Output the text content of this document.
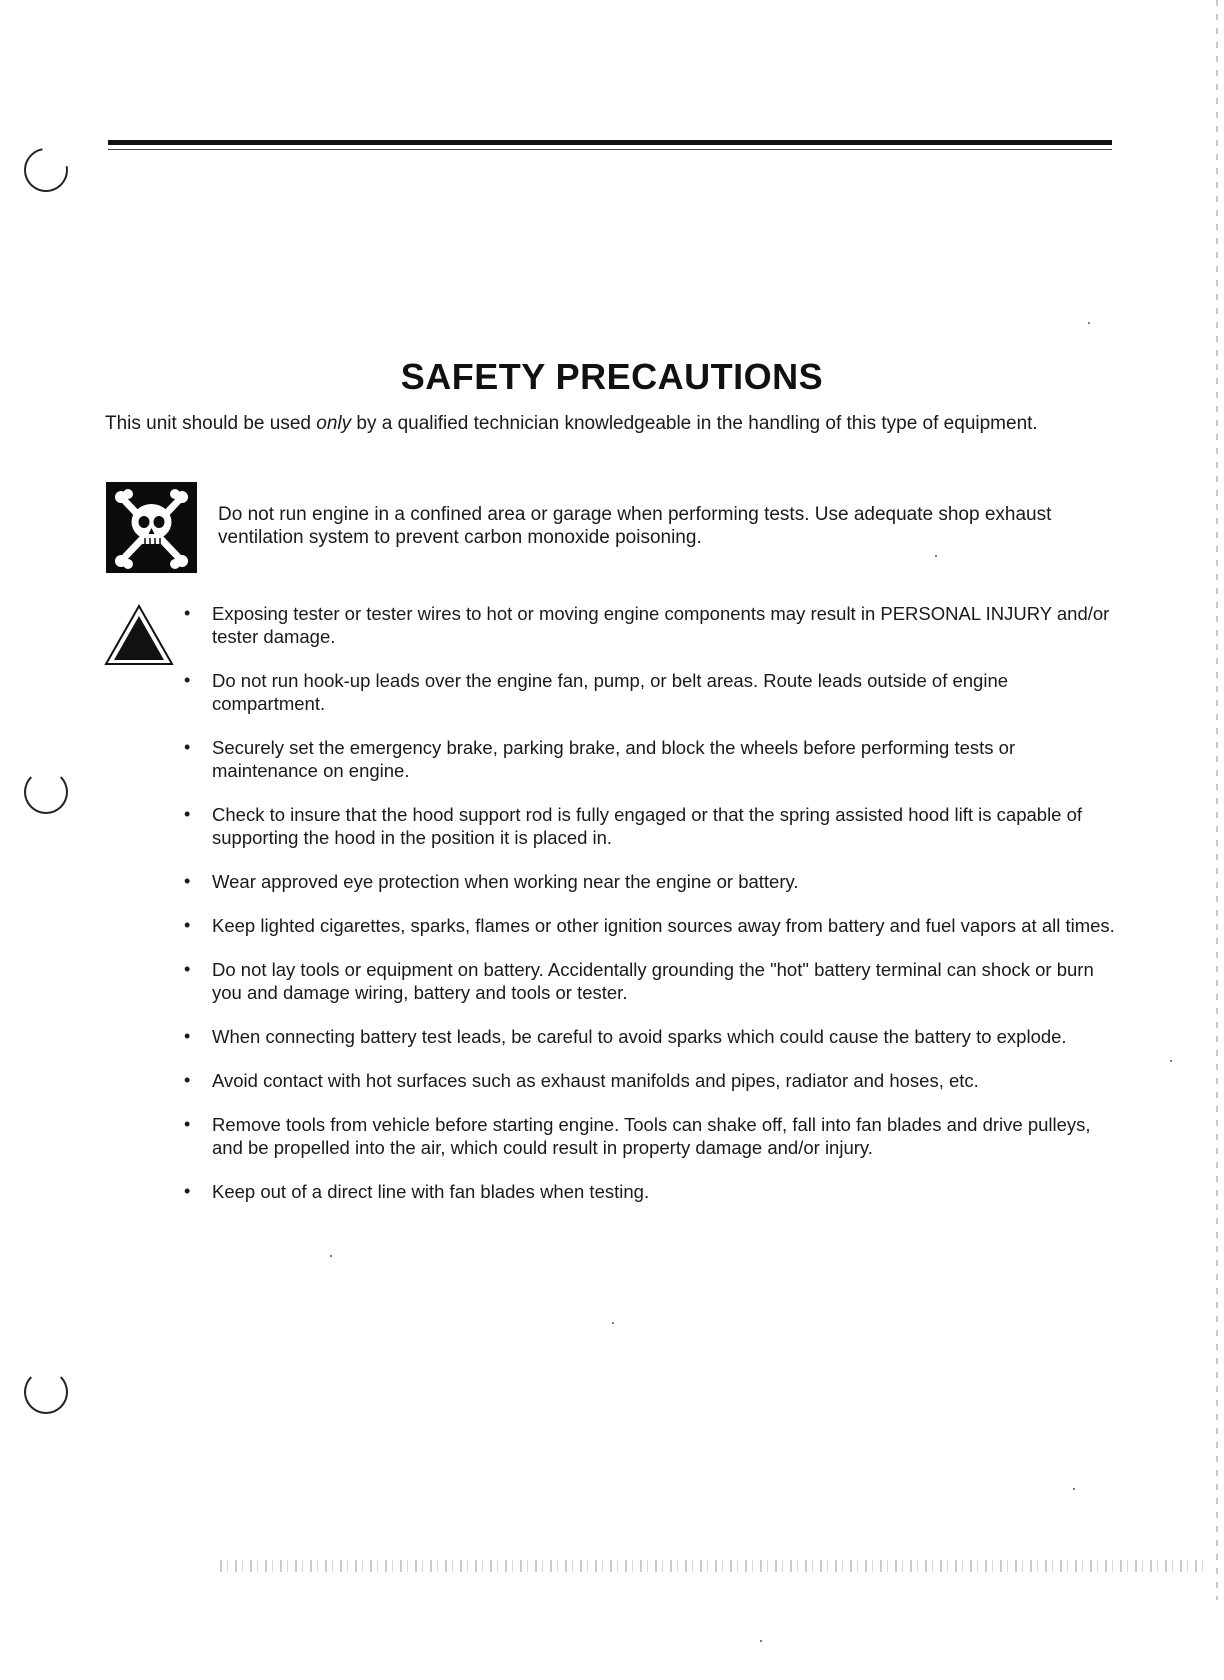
SAFETY PRECAUTIONS

This unit should be used only by a qualified technician knowledgeable in the handling of this type of equipment.

Do not run engine in a confined area or garage when performing tests. Use adequate shop exhaust ventilation system to prevent carbon monoxide poisoning.

• Exposing tester or tester wires to hot or moving engine components may result in PERSONAL INJURY and/or tester damage.
• Do not run hook-up leads over the engine fan, pump, or belt areas. Route leads outside of engine compartment.
• Securely set the emergency brake, parking brake, and block the wheels before performing tests or maintenance on engine.
• Check to insure that the hood support rod is fully engaged or that the spring assisted hood lift is capable of supporting the hood in the position it is placed in.
• Wear approved eye protection when working near the engine or battery.
• Keep lighted cigarettes, sparks, flames or other ignition sources away from battery and fuel vapors at all times.
• Do not lay tools or equipment on battery. Accidentally grounding the "hot" battery terminal can shock or burn you and damage wiring, battery and tools or tester.
• When connecting battery test leads, be careful to avoid sparks which could cause the battery to explode.
• Avoid contact with hot surfaces such as exhaust manifolds and pipes, radiator and hoses, etc.
• Remove tools from vehicle before starting engine. Tools can shake off, fall into fan blades and drive pulleys, and be propelled into the air, which could result in property damage and/or injury.
• Keep out of a direct line with fan blades when testing.
